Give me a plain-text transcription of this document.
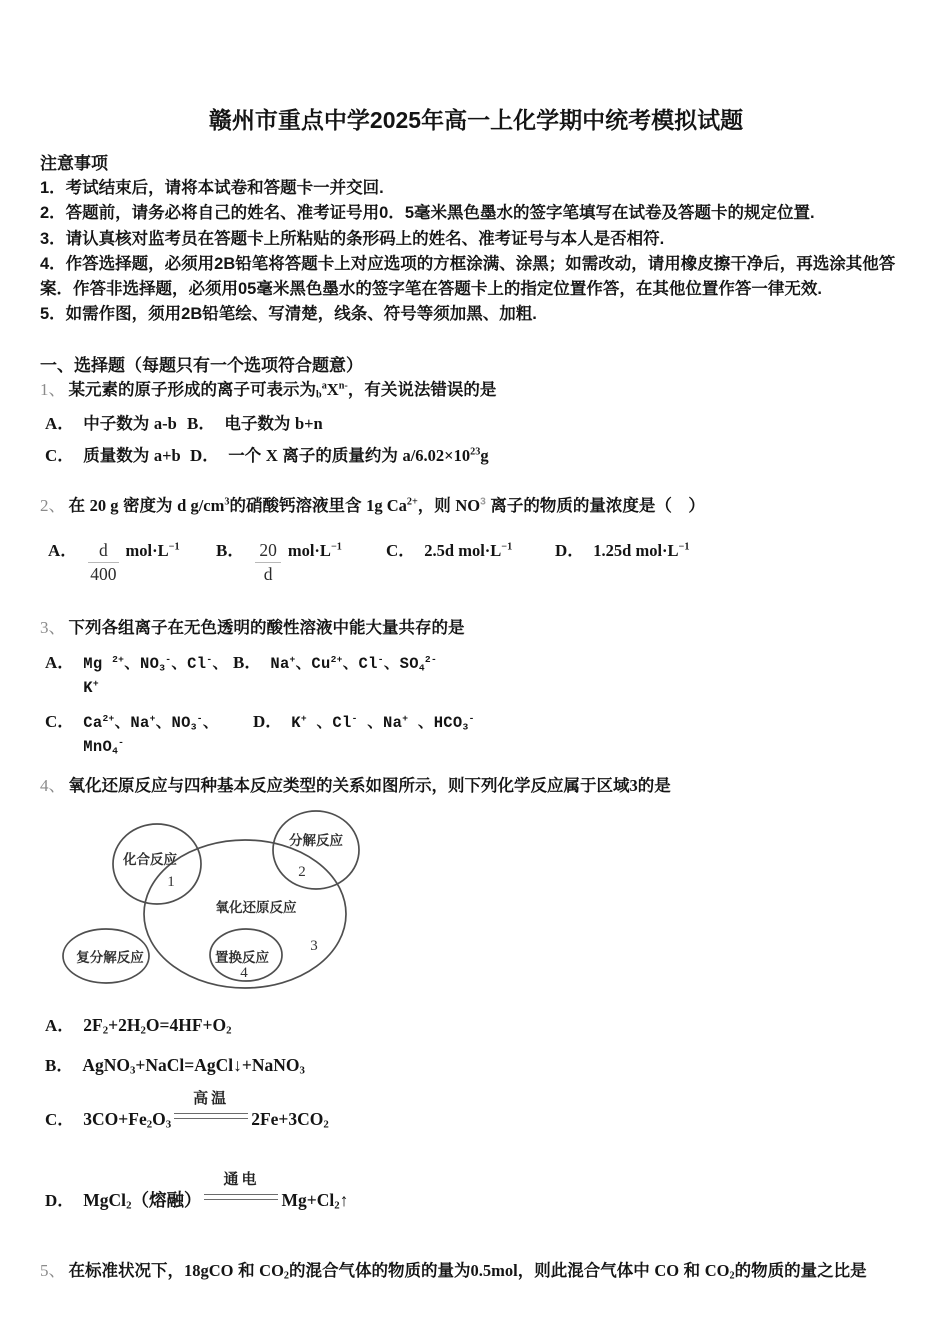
赣州市重点中学2025年高一上化学期中统考模拟试题
注意事项

1．考试结束后，请将本试卷和答题卡一并交回.

2．答题前，请务必将自己的姓名、准考证号用0．5毫米黑色墨水的签字笔填写在试卷及答题卡的规定位置.

3．请认真核对监考员在答题卡上所粘贴的条形码上的姓名、准考证号与本人是否相符.

4．作答选择题，必须用2B铅笔将答题卡上对应选项的方框涂满、涂黑；如需改动，请用橡皮擦干净后，再选涂其他答案．作答非选择题，必须用05毫米黑色墨水的签字笔在答题卡上的指定位置作答，在其他位置作答一律无效.

5．如需作图，须用2B铅笔绘、写清楚，线条、符号等须加黑、加粗.

一、选择题（每题只有一个选项符合题意）
1、 某元素的原子形成的离子可表示为$_b^aX^{n-}$，有关说法错误的是
A． 中子数为 a-b B． 电子数为 b+n
C． 质量数为 a+b D． 一个 X 离子的质量约为 $a/6.02\times 10^{23}g$
2、 在 20 g 密度为 d $g/cm^3$的硝酸钙溶液里含 1g $Ca^{2+}$，则 $NO^3$ 离子的物质的量浓度是（　）
A． $\frac{d}{400} mol\cdot L^{-1}$ B． $\frac{20}{d} mol\cdot L^{-1}$	C． 2.5d $mol\cdot L^{-1}$	D． 1.25d $mol\cdot L^{-1}$
3、 下列各组离子在无色透明的酸性溶液中能大量共存的是
A． Mg $^{2+}$、$NO_3^-$、Cl-、K+
B． Na+、$Cu^{2+}$、Cl-、$SO_4^{2-}$
C． $Ca^{2+}$、Na+、$NO_3^-$、MnO$_4$-
D． K+ 、Cl- 、Na+ 、$HCO_3^-$
4、 氧化还原反应与四种基本反应类型的关系如图所示，则下列化学反应属于区域3的是
化合反应
1
分解反应
2
氧化还原反应
3
复分解反应	置换反应
4
A． $2F_2+2H_2O=4HF+O_2$
B． AgNO$_3$+NaCl=AgCl↓+NaNO$_3$
C． $3CO+Fe_2O_3$
高温
$2Fe+3CO_2$
D． MgCl$_2$（熔融）
通电
$Mg+Cl_2↑$
5、 在标准状况下，18gCO 和 $CO_2$的混合气体的物质的量为0.5mol，则此混合气体中 CO 和 $CO_2$的物质的量之比是
